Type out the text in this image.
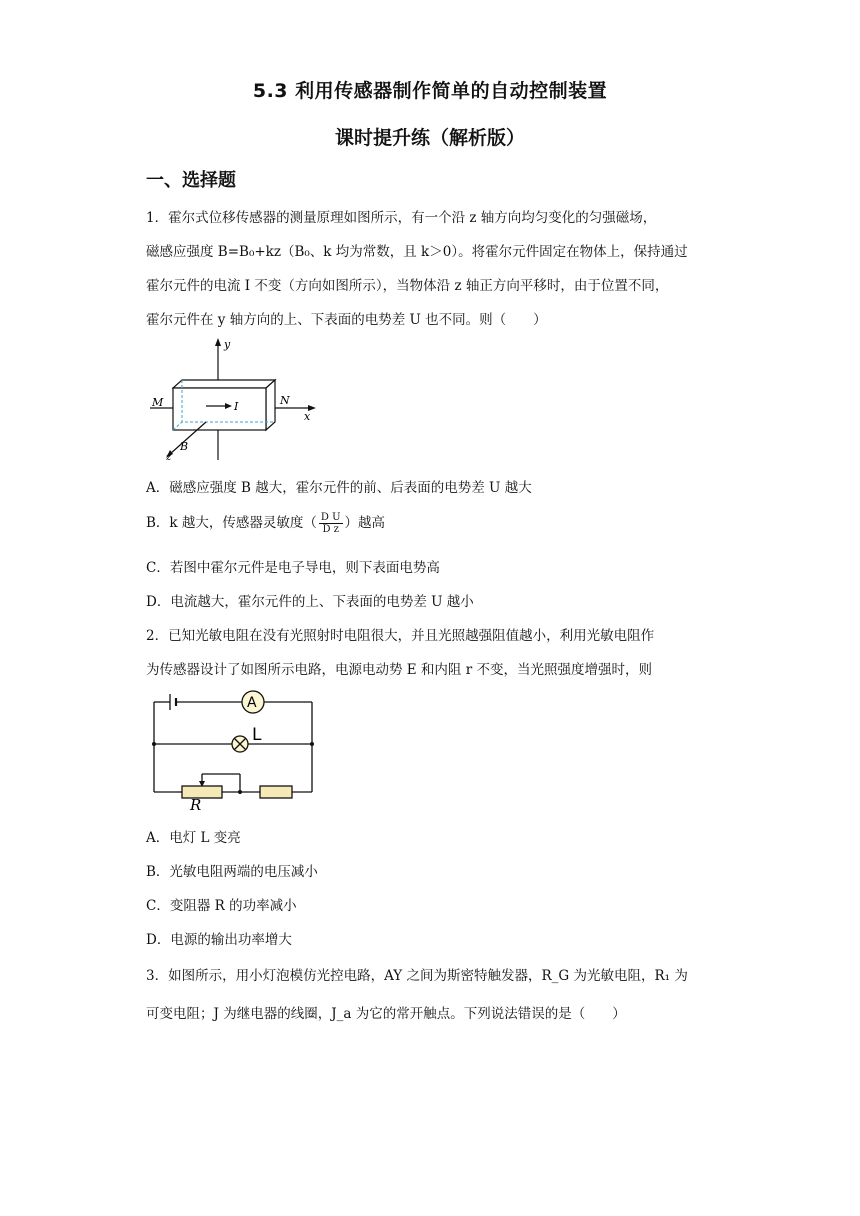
5.3 利用传感器制作简单的自动控制装置
课时提升练（解析版）
一、选择题
1．霍尔式位移传感器的测量原理如图所示，有一个沿 z 轴方向均匀变化的匀强磁场，
磁感应强度 B=B₀+kz（B₀、k 均为常数，且 k＞0）。将霍尔元件固定在物体上，保持通过
霍尔元件的电流 I 不变（方向如图所示），当物体沿 z 轴正方向平移时，由于位置不同，
霍尔元件在 y 轴方向的上、下表面的电势差 U 也不同。则（　　）
y
x
z
M	N
I
B
A．磁感应强度 B 越大，霍尔元件的前、后表面的电势差 U 越大
B．k 越大，传感器灵敏度（ $\frac{\text{D U}}{\text{D z}}$ ）越高
C．若图中霍尔元件是电子导电，则下表面电势高
D．电流越大，霍尔元件的上、下表面的电势差 U 越小
2．已知光敏电阻在没有光照射时电阻很大，并且光照越强阻值越小，利用光敏电阻作
为传感器设计了如图所示电路，电源电动势 E 和内阻 r 不变，当光照强度增强时，则
A
L
R
A．电灯 L 变亮
B．光敏电阻两端的电压减小
C．变阻器 R 的功率减小
D．电源的输出功率增大
3．如图所示，用小灯泡模仿光控电路，AY 之间为斯密特触发器，R_G 为光敏电阻，R₁ 为
可变电阻；J 为继电器的线圈，J_a 为它的常开触点。下列说法错误的是（　　）
